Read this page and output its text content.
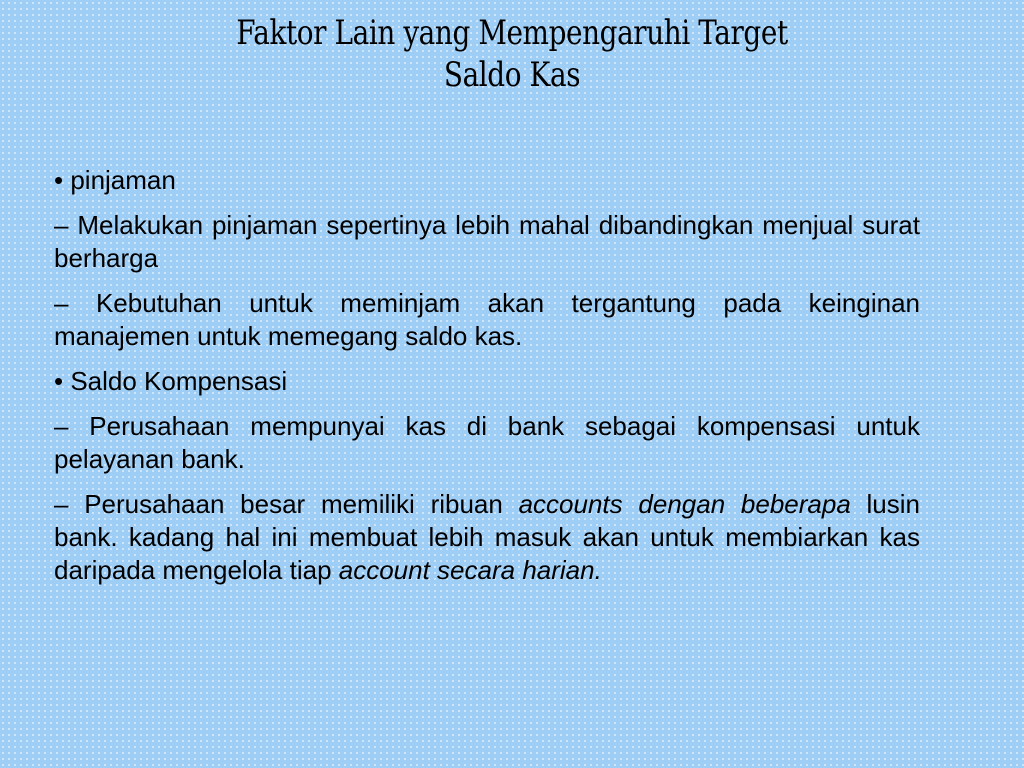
Faktor Lain yang Mempengaruhi Target
Saldo Kas

• pinjaman

– Melakukan pinjaman sepertinya lebih mahal dibandingkan menjual surat berharga

– Kebutuhan untuk meminjam akan tergantung pada keinginan manajemen untuk memegang saldo kas.

• Saldo Kompensasi

– Perusahaan mempunyai kas di bank sebagai kompensasi untuk pelayanan bank.

– Perusahaan besar memiliki ribuan accounts dengan beberapa lusin bank. kadang hal ini membuat lebih masuk akan untuk membiarkan kas daripada mengelola tiap account secara harian.
